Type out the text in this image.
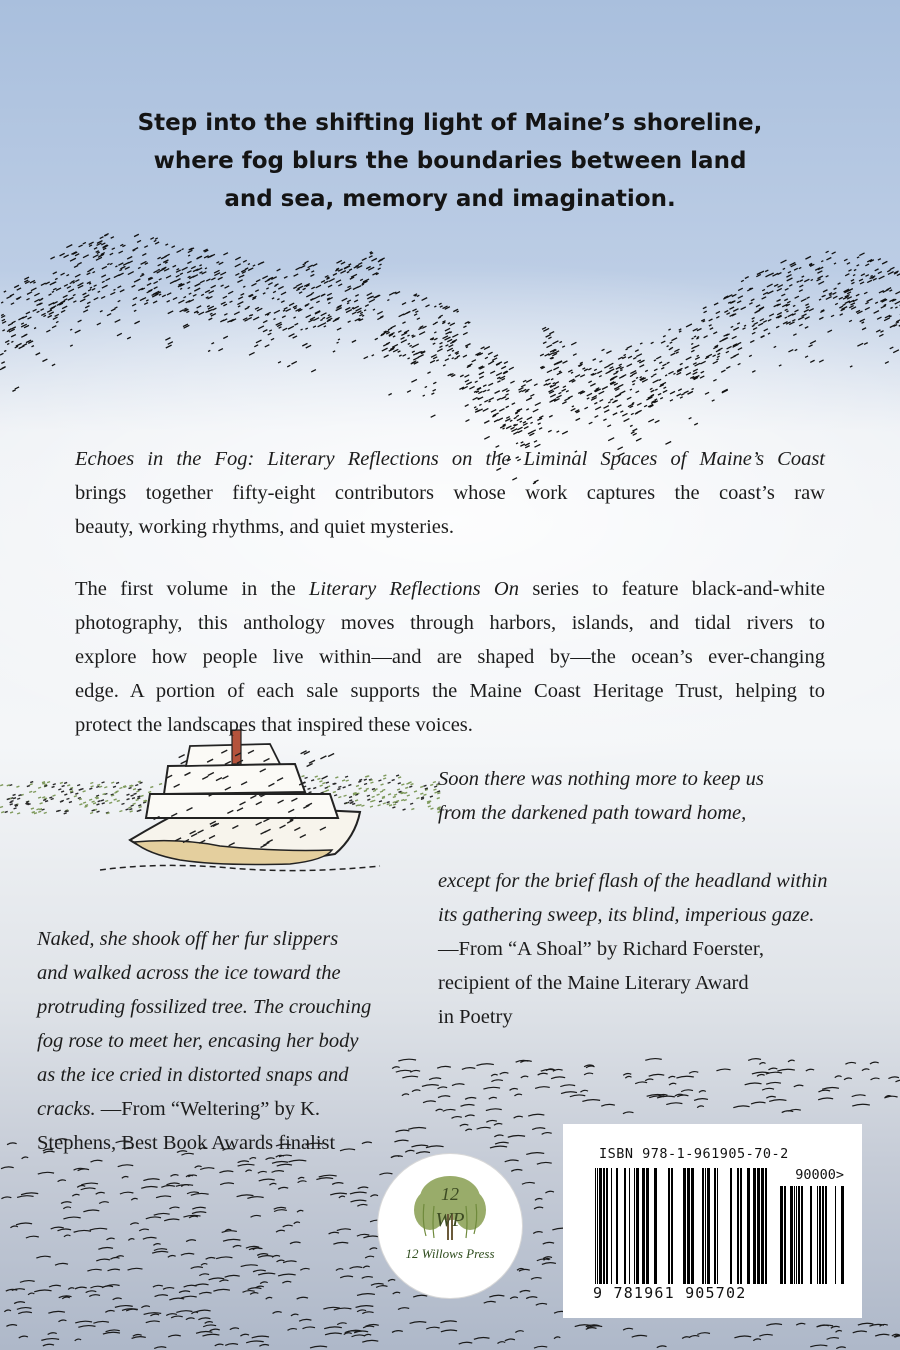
Step into the shifting light of Maine’s shoreline,
where fog blurs the boundaries between land
and sea, memory and imagination.
Echoes in the Fog: Literary Reflections on the Liminal Spaces of Maine’s Coast
brings together fifty-eight contributors whose work captures the coast’s raw
beauty, working rhythms, and quiet mysteries.
The first volume in the Literary Reflections On series to feature black-and-white
photography, this anthology moves through harbors, islands, and tidal rivers to
explore how people live within—and are shaped by—the ocean’s ever-changing
edge. A portion of each sale supports the Maine Coast Heritage Trust, helping to
protect the landscapes that inspired these voices.
Soon there was nothing more to keep us
from the darkened path toward home,
except for the brief flash of the headland within
its gathering sweep, its blind, imperious gaze.
—From “A Shoal” by Richard Foerster,
recipient of the Maine Literary Award
in Poetry
Naked, she shook off her fur slippers
and walked across the ice toward the
protruding fossilized tree. The crouching
fog rose to meet her, encasing her body
as the ice cried in distorted snaps and
cracks. —From “Weltering” by K.
Stephens, Best Book Awards finalist
12
WP
12 Willows Press
ISBN 978-1-961905-70-2
90000>
9 781961 905702
